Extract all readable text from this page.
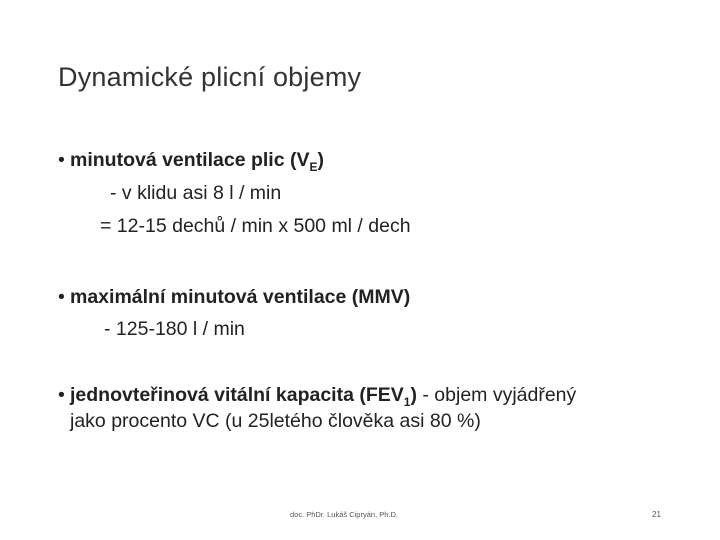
Dynamické plicní objemy
• minutová ventilace plic $(V_E)$
- v klidu asi 8 l / min
= 12-15 dechů / min x 500 ml / dech
• maximální minutová ventilace (MMV)
- 125-180 l / min
• jednovteřinová vitální kapacita $(FEV_1)$ - objem vyjádřený
jako procento VC (u 25letého člověka asi 80 %)
doc. PhDr. Lukáš Cipryán, Ph.D.	21
